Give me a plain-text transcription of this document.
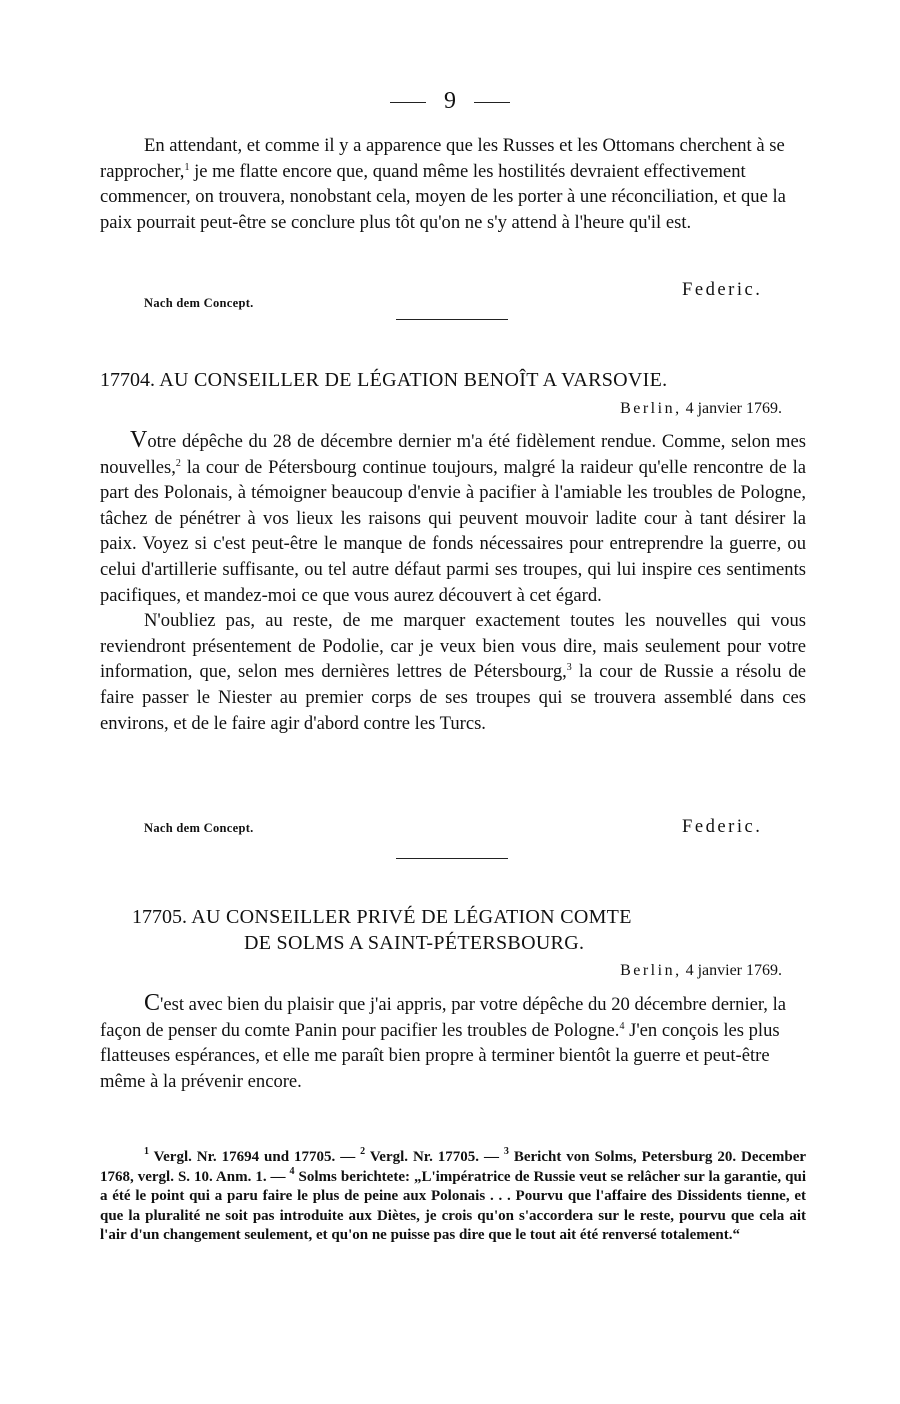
9

En attendant, et comme il y a apparence que les Russes et les Ottomans cherchent à se rapprocher,$^1$ je me flatte encore que, quand même les hostilités devraient effectivement commencer, on trouvera, nonobstant cela, moyen de les porter à une réconciliation, et que la paix pourrait peut-être se conclure plus tôt qu'on ne s'y attend à l'heure qu'il est.

Federic.
Nach dem Concept.
17704. AU CONSEILLER DE LÉGATION BENOÎT A VARSOVIE.
Berlin, 4 janvier 1769.

Votre dépêche du 28 de décembre dernier m'a été fidèlement rendue. Comme, selon mes nouvelles,$^2$ la cour de Pétersbourg continue toujours, malgré la raideur qu'elle rencontre de la part des Polonais, à témoigner beaucoup d'envie à pacifier à l'amiable les troubles de Pologne, tâchez de pénétrer à vos lieux les raisons qui peuvent mouvoir ladite cour à tant désirer la paix. Voyez si c'est peut-être le manque de fonds nécessaires pour entreprendre la guerre, ou celui d'artillerie suffisante, ou tel autre défaut parmi ses troupes, qui lui inspire ces sentiments pacifiques, et mandez-moi ce que vous aurez découvert à cet égard.

N'oubliez pas, au reste, de me marquer exactement toutes les nouvelles qui vous reviendront présentement de Podolie, car je veux bien vous dire, mais seulement pour votre information, que, selon mes dernières lettres de Pétersbourg,$^3$ la cour de Russie a résolu de faire passer le Niester au premier corps de ses troupes qui se trouvera assemblé dans ces environs, et de le faire agir d'abord contre les Turcs.

Nach dem Concept.	Federic.
17705. AU CONSEILLER PRIVÉ DE LÉGATION COMTE
DE SOLMS A SAINT-PÉTERSBOURG.
Berlin, 4 janvier 1769.

C'est avec bien du plaisir que j'ai appris, par votre dépêche du 20 décembre dernier, la façon de penser du comte Panin pour pacifier les troubles de Pologne.$^4$ J'en conçois les plus flatteuses espérances, et elle me paraît bien propre à terminer bientôt la guerre et peut-être même à la prévenir encore.

$^1$ Vergl. Nr. 17694 und 17705. — $^2$ Vergl. Nr. 17705. — $^3$ Bericht von Solms, Petersburg 20. December 1768, vergl. S. 10. Anm. 1. — $^4$ Solms berichtete: „L'impératrice de Russie veut se relâcher sur la garantie, qui a été le point qui a paru faire le plus de peine aux Polonais . . . Pourvu que l'affaire des Dissidents tienne, et que la pluralité ne soit pas introduite aux Diètes, je crois qu'on s'accordera sur le reste, pourvu que cela ait l'air d'un changement seulement, et qu'on ne puisse pas dire que le tout ait été renversé totalement.“
